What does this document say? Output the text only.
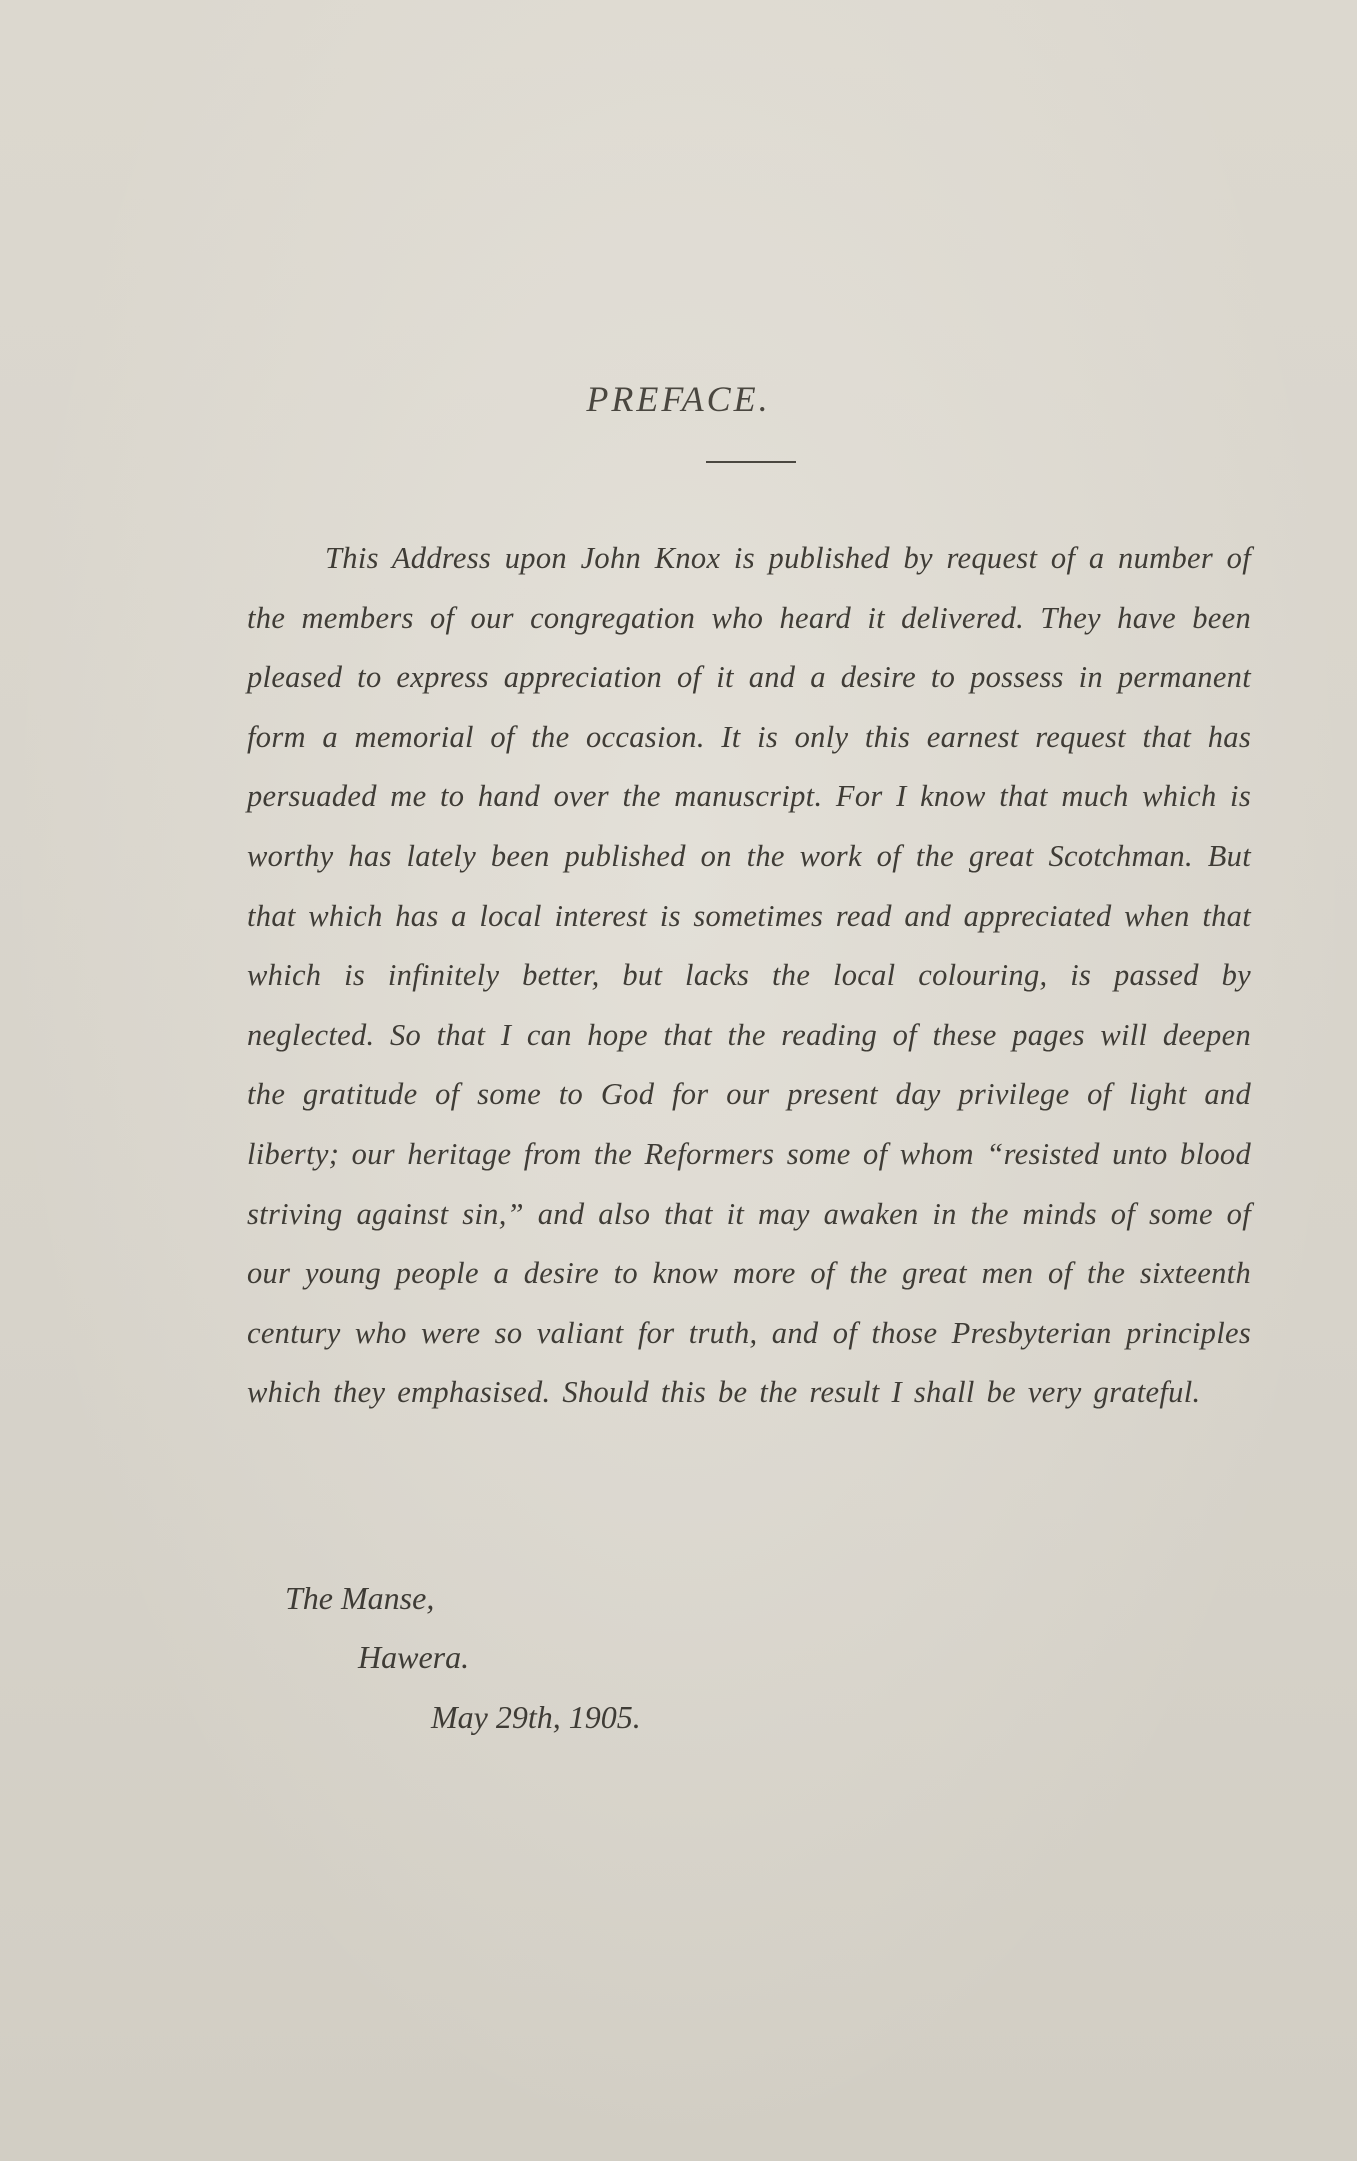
PREFACE.

This Address upon John Knox is published by request of a number of the members of our congregation who heard it delivered. They have been pleased to express appreciation of it and a desire to possess in permanent form a memorial of the occasion. It is only this earnest request that has persuaded me to hand over the manuscript. For I know that much which is worthy has lately been published on the work of the great Scotchman. But that which has a local interest is sometimes read and appreciated when that which is infinitely better, but lacks the local colouring, is passed by neglected. So that I can hope that the reading of these pages will deepen the gratitude of some to God for our present day privilege of light and liberty; our heritage from the Reformers some of whom “resisted unto blood striving against sin,” and also that it may awaken in the minds of some of our young people a desire to know more of the great men of the sixteenth century who were so valiant for truth, and of those Presbyterian principles which they emphasised. Should this be the result I shall be very grateful.

The Manse,
Hawera.
May 29th, 1905.
